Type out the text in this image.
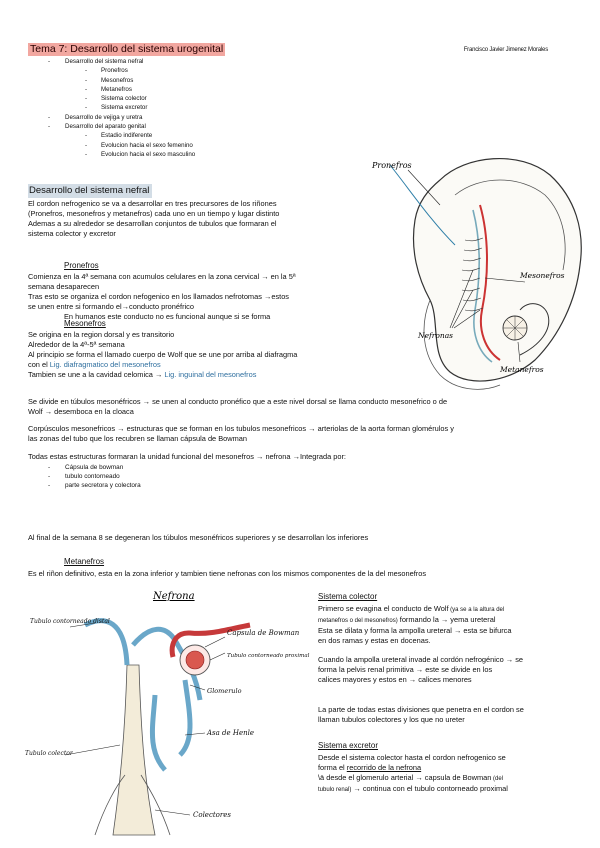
Tema 7: Desarrollo del sistema urogenital	Francisco Javier Jimenez Morales
-	Desarrollo del sistema nefral
-	Pronefros
-	Mesonefros
-	Metanefros
-	Sistema colector
-	Sistema excretor
-	Desarrollo de vejiga y uretra
-	Desarrollo del aparato genital
-	Estadio indiferente
-	Evolucion hacia el sexo femenino
-	Evolucion hacia el sexo masculino
Desarrollo del sistema nefral
El cordon nefrogenico se va a desarrollar en tres precursores de los riñones
(Pronefros, mesonefros y metanefros) cada uno en un tiempo y lugar distinto
Ademas a su alrededor se desarrollan conjuntos de tubulos que formaran el
sistema colector y excretor
Pronefros
Comienza en la 4ª semana con acumulos celulares en la zona cervical → en la 5ª
semana desaparecen
Tras esto se organiza el cordon nefogenico en los llamados nefrotomas →estos
se unen entre si formando el→conducto pronéfrico
En humanos este conducto no es funcional aunque si se forma
Mesonefros
Se origina en la region dorsal y es transitorio
Alrededor de la 4ª-5ª semana
Al principio se forma el llamado cuerpo de Wolf que se une por arriba al diafragma
con el Lig. diafragmatico del mesonefros
Tambien se une a la cavidad celomica → Lig. inguinal del mesonefros
Se divide en túbulos mesonéfricos → se unen al conducto pronéfico que a este nivel dorsal se llama conducto mesonefrico o de
Wolf → desemboca en la cloaca
Corpúsculos mesonefricos → estructuras que se forman en los tubulos mesonefricos → arteriolas de la aorta forman glomérulos y
las zonas del tubo que los recubren se llaman cápsula de Bowman
Todas estas estructuras formaran la unidad funcional del mesonefros → nefrona →Integrada por:
- Cápsula de bowman
- tubulo contorneado
- parte secretora y colectora
Al final de la semana 8 se degeneran los túbulos mesonéfricos superiores y se desarrollan los inferiores
Metanefros
Es el riñon definitivo, esta en la zona inferior y tambien tiene nefronas con los mismos componentes de la del mesonefros
Sistema colector
Primero se evagina el conducto de Wolf (ya se a la altura del
metanefros o del mesonefros) formando la → yema ureteral
Esta se dilata y forma la ampolla ureteral → esta se bifurca
en dos ramas y estas en docenas.
Cuando la ampolla ureteral invade al cordón nefrogénico → se
forma la pelvis renal primitiva → este se divide en los
calices mayores y estos en → calices menores
La parte de todas estas divisiones que penetra en el cordon se
llaman tubulos colectores y los que no ureter
Sistema excretor
Desde el sistema colector hasta el cordon nefrogenico se
forma el recorrido de la nefrona
\ä desde el glomerulo arterial → capsula de Bowman (del
tubulo renal) → continua con el tubulo contorneado proximal
Pronefros
Mesonefros
Nefronas
Metanefros
Nefrona
Tubulo contorneado distal
Capsula de Bowman
Tubulo contorneado proximal
Glomerulo
Asa de Henle
Tubulo colector
Colectores
